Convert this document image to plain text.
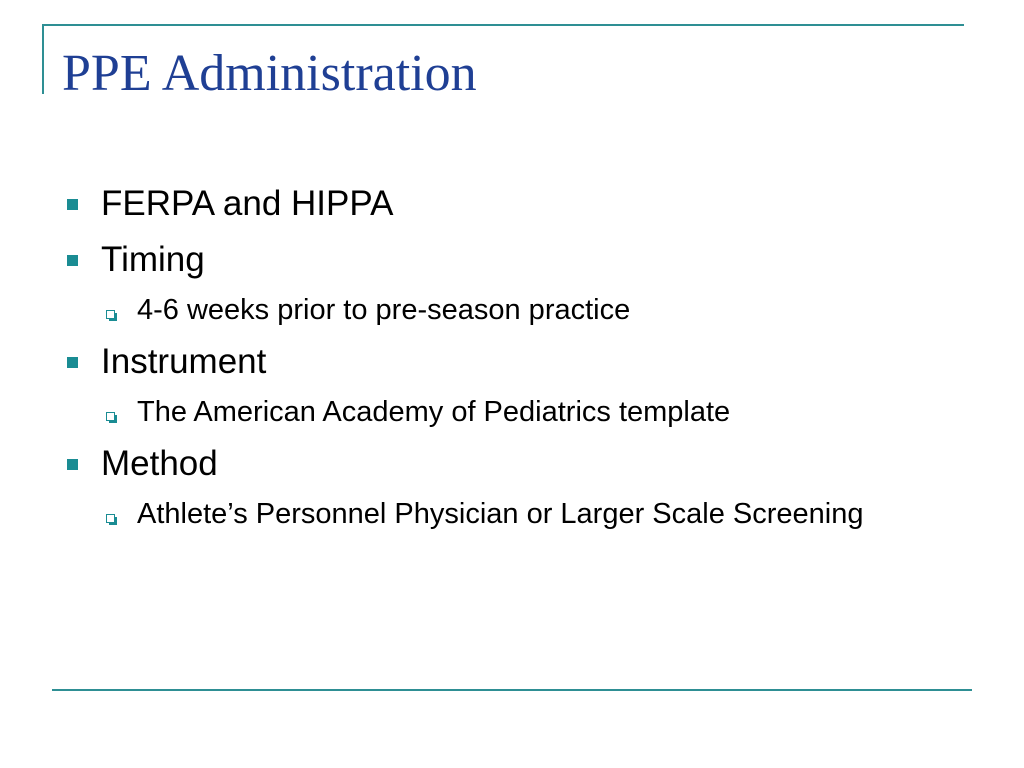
PPE Administration
FERPA and HIPPA
Timing
4-6 weeks prior to pre-season practice
Instrument
The American Academy of Pediatrics template
Method
Athlete’s Personnel Physician or Larger Scale Screening
